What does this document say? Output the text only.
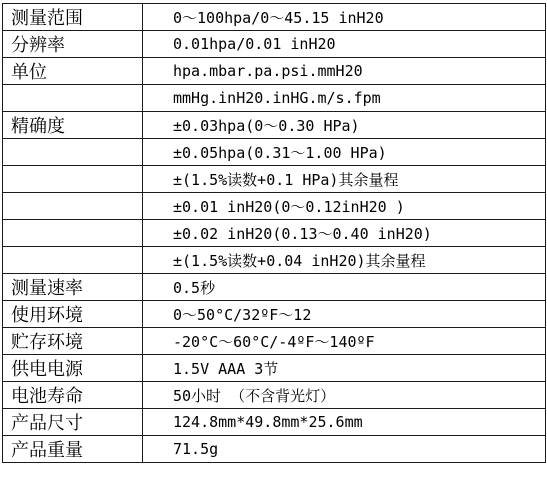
测量范围	0～100hpa/0～45.15 inH20
分辨率	0.01hpa/0.01 inH20
单位	hpa.mbar.pa.psi.mmH20
	mmHg.inH20.inHG.m/s.fpm
精确度	±0.03hpa(0～0.30 HPa)
	±0.05hpa(0.31～1.00 HPa)
	±(1.5%读数+0.1 HPa)其余量程
	±0.01 inH20(0～0.12inH20 )
	±0.02 inH20(0.13～0.40 inH20)
	±(1.5%读数+0.04 inH20)其余量程
测量速率	0.5秒
使用环境	0～50°C/32ºF～12
贮存环境	-20°C～60°C/-4ºF～140ºF
供电电源	1.5V AAA 3节
电池寿命	50小时 （不含背光灯）
产品尺寸	124.8mm*49.8mm*25.6mm
产品重量	71.5g
